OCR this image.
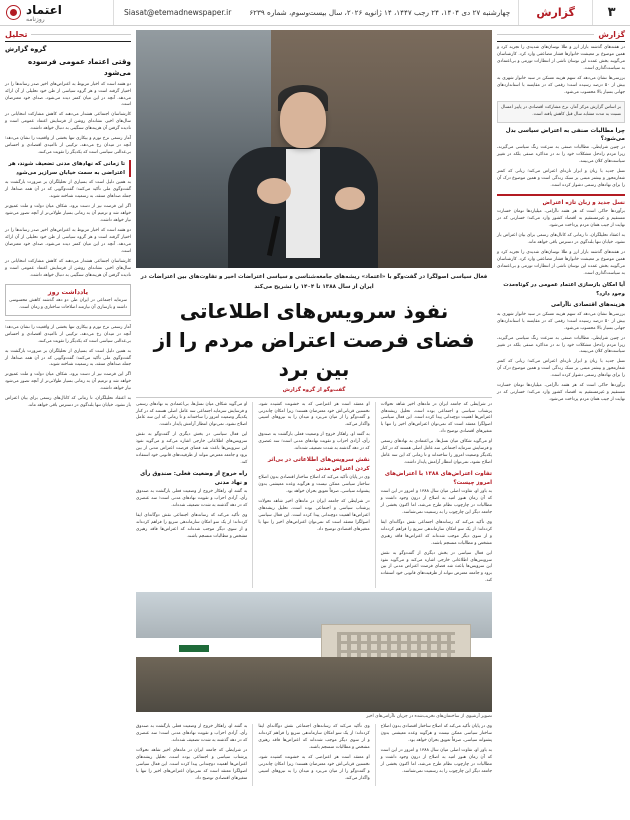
۳
گزارش
چهارشنبه ۲۷ دی ۱۴۰۴، ۲۴ رجب ۱۴۴۷، ۱۴ ژانویه ۲۰۲۶، سال بیست‌و‌سوم، شماره ۶۲۳۹
Siasat@etemadnewspaper.ir
اعتماد
روزنامه
گزارش

در هفته‌های گذشته بازار ارز و طلا نوسان‌های شدیدی را تجربه کرد و همین موضوع بر معیشت خانوارها فشار مضاعفی وارد کرد. کارشناسان می‌گویند بخش عمده این نوسان ناشی از انتظارات تورمی و بی‌اعتمادی به سیاست‌گذاری است.

بررسی‌ها نشان می‌دهد که سهم هزینه مسکن در سبد خانوار شهری به بیش از ۵۰ درصد رسیده است؛ رقمی که در مقایسه با استانداردهای جهانی بسیار بالا محسوب می‌شود.

بر اساس گزارش مرکز آمار، نرخ مشارکت اقتصادی در پاییز امسال نسبت به مدت مشابه سال قبل کاهش یافته است.
چرا مطالبات صنفی به اعتراض سیاسی بدل می‌شود؟

در چنین شرایطی، مطالبات صنفی به سرعت رنگ سیاسی می‌گیرند، زیرا مردم راه‌حل مشکلات خود را نه در مذاکره صنفی بلکه در تغییر سیاست‌های کلان می‌بینند.

نسل جدید با زبان و ابزار تازه‌ای اعتراض می‌کند؛ زبانی که کمتر شعارمحور و بیشتر مبتنی بر سبک زندگی است و همین موضوع درک آن را برای نهادهای رسمی دشوار کرده است.

نسل جدید و زبان تازه اعتراض

برآوردها حاکی است که هر هفته ناآرامی، میلیاردها تومان خسارت مستقیم و غیرمستقیم به اقتصاد کشور وارد می‌کند؛ خسارتی که در نهایت از جیب همان مردم پرداخت می‌شود.

به اعتقاد تحلیلگران، تا زمانی که کانال‌های رسمی برای بیان اعتراض باز نشود، خیابان تنها بلندگوی در دسترس باقی خواهد ماند.

در هفته‌های گذشته بازار ارز و طلا نوسان‌های شدیدی را تجربه کرد و همین موضوع بر معیشت خانوارها فشار مضاعفی وارد کرد. کارشناسان می‌گویند بخش عمده این نوسان ناشی از انتظارات تورمی و بی‌اعتمادی به سیاست‌گذاری است.

آیا امکان بازسازی اعتماد عمومی در کوتاه‌مدت وجود دارد؟
هزینه‌های اقتصادی ناآرامی

بررسی‌ها نشان می‌دهد که سهم هزینه مسکن در سبد خانوار شهری به بیش از ۵۰ درصد رسیده است؛ رقمی که در مقایسه با استانداردهای جهانی بسیار بالا محسوب می‌شود.

در چنین شرایطی، مطالبات صنفی به سرعت رنگ سیاسی می‌گیرند، زیرا مردم راه‌حل مشکلات خود را نه در مذاکره صنفی بلکه در تغییر سیاست‌های کلان می‌بینند.

نسل جدید با زبان و ابزار تازه‌ای اعتراض می‌کند؛ زبانی که کمتر شعارمحور و بیشتر مبتنی بر سبک زندگی است و همین موضوع درک آن را برای نهادهای رسمی دشوار کرده است.

برآوردها حاکی است که هر هفته ناآرامی، میلیاردها تومان خسارت مستقیم و غیرمستقیم به اقتصاد کشور وارد می‌کند؛ خسارتی که در نهایت از جیب همان مردم پرداخت می‌شود.

فعال سیاسی اصولگرا در گفت‌وگو با «اعتماد» ریشه‌های جامعه‌شناسی و سیاسی اعتراضات اخیر و تفاوت‌های بین اعتراضات در ایران از سال ۱۳۸۸ تا ۱۴۰۴ را تشریح می‌کند
نفوذ سرویس‌های اطلاعاتی
فضای فرصت اعتراض مردم را از بین برد
گفت‌وگو از گروه گزارش

در شرایطی که جامعه ایران در ماه‌های اخیر شاهد تحولات پرشتاب سیاسی و اجتماعی بوده است، تحلیل ریشه‌های اعتراض‌ها اهمیت دوچندانی پیدا کرده است. این فعال سیاسی اصولگرا معتقد است که نمی‌توان اعتراض‌های اخیر را تنها با متغیرهای اقتصادی توضیح داد.

او می‌گوید شکاف میان نسل‌ها، بی‌اعتمادی به نهادهای رسمی و فرسایش سرمایه اجتماعی سه عامل اصلی هستند که در کنار یکدیگر وضعیت امروز را ساخته‌اند و تا زمانی که این سه عامل اصلاح نشود، نمی‌توان انتظار آرامش پایدار داشت.

تفاوت اعتراض‌های ۱۳۸۸ با اعتراض‌های امروز چیست؟

به باور او، تفاوت اصلی میان سال ۱۳۸۸ و امروز در این است که آن زمان هنوز امید به اصلاح از درون وجود داشت و مطالبات در چارچوب نظام طرح می‌شد، اما اکنون بخشی از جامعه دیگر این چارچوب را به رسمیت نمی‌شناسد.

وی تأکید می‌کند که رسانه‌های اجتماعی نقش دوگانه‌ای ایفا کرده‌اند؛ از یک سو امکان سازماندهی سریع را فراهم کرده‌اند و از سوی دیگر موجب شده‌اند که اعتراض‌ها فاقد رهبری مشخص و مطالبات منسجم باشند.

این فعال سیاسی در بخش دیگری از گفت‌وگو به نقش سرویس‌های اطلاعاتی خارجی اشاره می‌کند و می‌گوید نفوذ این سرویس‌ها باعث شد فضای فرصت اعتراض مدنی از بین برود و جامعه معترض نتواند از ظرفیت‌های قانونی خود استفاده کند.

او معتقد است هر اعتراضی که به خشونت کشیده شود، نخستین قربانی‌اش خود معترضان هستند؛ زیرا امکان چانه‌زنی و گفت‌وگو را از میان می‌برد و میدان را به نیروهای امنیتی واگذار می‌کند.

به گفته او، راهکار خروج از وضعیت فعلی بازگشت به صندوق رأی، آزادی احزاب و تقویت نهادهای مدنی است؛ سه عنصری که در دهه گذشته به شدت تضعیف شده‌اند.

نقش سرویس‌های اطلاعاتی در بی‌اثر کردن اعتراض مدنی

وی در پایان تأکید می‌کند که اصلاح ساختار اقتصادی بدون اصلاح ساختار سیاسی ممکن نیست و هرگونه وعده معیشتی بدون پشتوانه سیاسی، صرفاً تعویق بحران خواهد بود.

در شرایطی که جامعه ایران در ماه‌های اخیر شاهد تحولات پرشتاب سیاسی و اجتماعی بوده است، تحلیل ریشه‌های اعتراض‌ها اهمیت دوچندانی پیدا کرده است. این فعال سیاسی اصولگرا معتقد است که نمی‌توان اعتراض‌های اخیر را تنها با متغیرهای اقتصادی توضیح داد.

او می‌گوید شکاف میان نسل‌ها، بی‌اعتمادی به نهادهای رسمی و فرسایش سرمایه اجتماعی سه عامل اصلی هستند که در کنار یکدیگر وضعیت امروز را ساخته‌اند و تا زمانی که این سه عامل اصلاح نشود، نمی‌توان انتظار آرامش پایدار داشت.

این فعال سیاسی در بخش دیگری از گفت‌وگو به نقش سرویس‌های اطلاعاتی خارجی اشاره می‌کند و می‌گوید نفوذ این سرویس‌ها باعث شد فضای فرصت اعتراض مدنی از بین برود و جامعه معترض نتواند از ظرفیت‌های قانونی خود استفاده کند.

راه خروج از وضعیت فعلی: صندوق رأی و نهاد مدنی

به گفته او، راهکار خروج از وضعیت فعلی بازگشت به صندوق رأی، آزادی احزاب و تقویت نهادهای مدنی است؛ سه عنصری که در دهه گذشته به شدت تضعیف شده‌اند.

وی تأکید می‌کند که رسانه‌های اجتماعی نقش دوگانه‌ای ایفا کرده‌اند؛ از یک سو امکان سازماندهی سریع را فراهم کرده‌اند و از سوی دیگر موجب شده‌اند که اعتراض‌ها فاقد رهبری مشخص و مطالبات منسجم باشند.

تصویر آرشیوی از ساختمان‌های تخریب‌شده در جریان ناآرامی‌های اخیر

وی در پایان تأکید می‌کند که اصلاح ساختار اقتصادی بدون اصلاح ساختار سیاسی ممکن نیست و هرگونه وعده معیشتی بدون پشتوانه سیاسی، صرفاً تعویق بحران خواهد بود.

به باور او، تفاوت اصلی میان سال ۱۳۸۸ و امروز در این است که آن زمان هنوز امید به اصلاح از درون وجود داشت و مطالبات در چارچوب نظام طرح می‌شد، اما اکنون بخشی از جامعه دیگر این چارچوب را به رسمیت نمی‌شناسد.

وی تأکید می‌کند که رسانه‌های اجتماعی نقش دوگانه‌ای ایفا کرده‌اند؛ از یک سو امکان سازماندهی سریع را فراهم کرده‌اند و از سوی دیگر موجب شده‌اند که اعتراض‌ها فاقد رهبری مشخص و مطالبات منسجم باشند.

او معتقد است هر اعتراضی که به خشونت کشیده شود، نخستین قربانی‌اش خود معترضان هستند؛ زیرا امکان چانه‌زنی و گفت‌وگو را از میان می‌برد و میدان را به نیروهای امنیتی واگذار می‌کند.

به گفته او، راهکار خروج از وضعیت فعلی بازگشت به صندوق رأی، آزادی احزاب و تقویت نهادهای مدنی است؛ سه عنصری که در دهه گذشته به شدت تضعیف شده‌اند.

در شرایطی که جامعه ایران در ماه‌های اخیر شاهد تحولات پرشتاب سیاسی و اجتماعی بوده است، تحلیل ریشه‌های اعتراض‌ها اهمیت دوچندانی پیدا کرده است. این فعال سیاسی اصولگرا معتقد است که نمی‌توان اعتراض‌های اخیر را تنها با متغیرهای اقتصادی توضیح داد.

تحلیل
گروه گزارش
وقتی اعتماد عمومی فرسوده می‌شود

دو هفته است که اخبار مربوط به اعتراض‌های اخیر صدر رسانه‌ها را در اختیار گرفته است و هر گروه سیاسی از ظن خود تحلیلی از آن ارائه می‌دهد. آنچه در این میان کمتر دیده می‌شود، صدای خود معترضان است.

کارشناسان اجتماعی هشدار می‌دهند که کاهش مشارکت انتخاباتی در سال‌های اخیر، نشانه‌ای روشن از فرسایش اعتماد عمومی است و نادیده گرفتن آن هزینه‌های سنگینی به دنبال خواهد داشت.

آمار رسمی نرخ تورم و بیکاری تنها بخشی از واقعیت را نشان می‌دهد؛ آنچه در میدان رخ می‌دهد، ترکیبی از ناامیدی اقتصادی و احساس بی‌عدالتی سیاسی است که یکدیگر را تقویت می‌کنند.

تا زمانی که نهادهای مدنی تضعیف شوند، هر اعتراضی به سمت خیابان سرازیر می‌شود

به همین دلیل است که بسیاری از تحلیلگران بر ضرورت بازگشت به گفت‌وگوی ملی تأکید می‌کنند؛ گفت‌وگویی که در آن همه صداها، از جمله صداهای منتقد، به رسمیت شناخته شوند.

اگر این فرصت نیز از دست برود، شکاف میان دولت و ملت عمیق‌تر خواهد شد و ترمیم آن به زمانی بسیار طولانی‌تر از آنچه تصور می‌شود نیاز خواهد داشت.

دو هفته است که اخبار مربوط به اعتراض‌های اخیر صدر رسانه‌ها را در اختیار گرفته است و هر گروه سیاسی از ظن خود تحلیلی از آن ارائه می‌دهد. آنچه در این میان کمتر دیده می‌شود، صدای خود معترضان است.

کارشناسان اجتماعی هشدار می‌دهند که کاهش مشارکت انتخاباتی در سال‌های اخیر، نشانه‌ای روشن از فرسایش اعتماد عمومی است و نادیده گرفتن آن هزینه‌های سنگینی به دنبال خواهد داشت.

یادداشت روز
سرمایه اجتماعی در ایران طی دو دهه گذشته کاهش محسوسی داشته و بازسازی آن نیازمند اصلاحات ساختاری و زمان است.

آمار رسمی نرخ تورم و بیکاری تنها بخشی از واقعیت را نشان می‌دهد؛ آنچه در میدان رخ می‌دهد، ترکیبی از ناامیدی اقتصادی و احساس بی‌عدالتی سیاسی است که یکدیگر را تقویت می‌کنند.

به همین دلیل است که بسیاری از تحلیلگران بر ضرورت بازگشت به گفت‌وگوی ملی تأکید می‌کنند؛ گفت‌وگویی که در آن همه صداها، از جمله صداهای منتقد، به رسمیت شناخته شوند.

اگر این فرصت نیز از دست برود، شکاف میان دولت و ملت عمیق‌تر خواهد شد و ترمیم آن به زمانی بسیار طولانی‌تر از آنچه تصور می‌شود نیاز خواهد داشت.

به اعتقاد تحلیلگران، تا زمانی که کانال‌های رسمی برای بیان اعتراض باز نشود، خیابان تنها بلندگوی در دسترس باقی خواهد ماند.
